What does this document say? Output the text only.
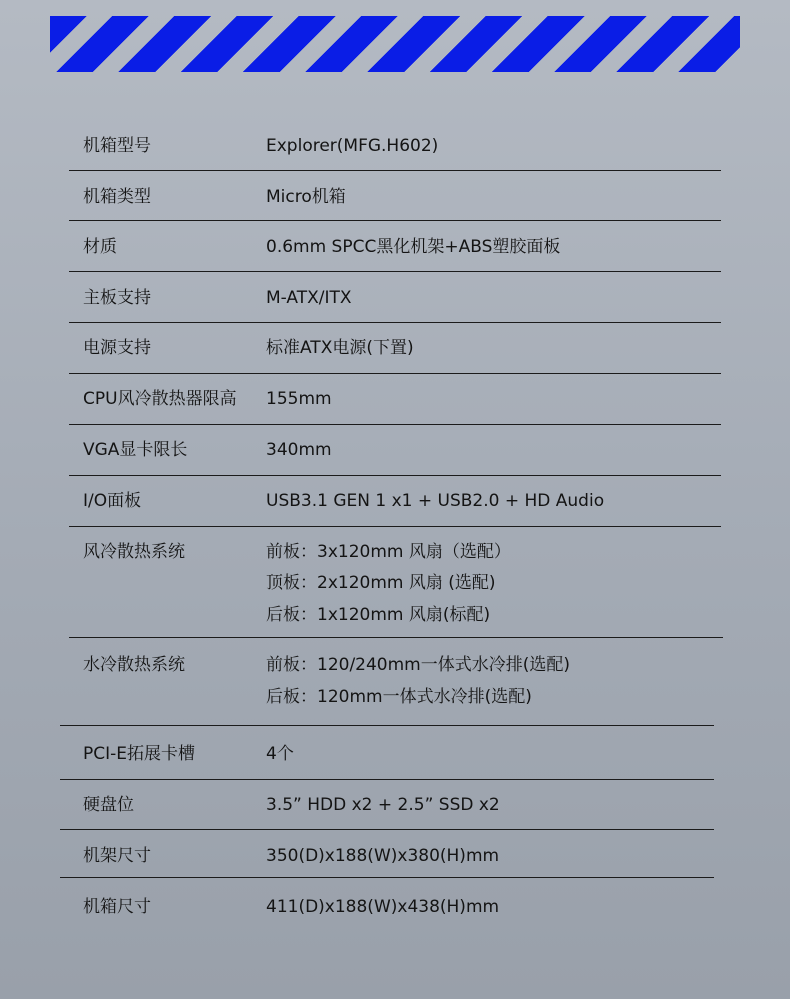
机箱型号	Explorer(MFG.H602)
机箱类型	Micro机箱
材质	0.6mm SPCC黑化机架+ABS塑胶面板
主板支持	M-ATX/ITX
电源支持	标准ATX电源(下置)
CPU风冷散热器限高 155mm
VGA显卡限长	340mm
I/O面板	USB3.1 GEN 1 x1 + USB2.0 + HD Audio
风冷散热系统	前板：3x120mm 风扇（选配）
顶板：2x120mm 风扇 (选配)
后板：1x120mm 风扇(标配)
水冷散热系统	前板：120/240mm一体式水冷排(选配)
后板：120mm一体式水冷排(选配)
PCI-E拓展卡槽	4个
硬盘位	3.5” HDD x2 + 2.5” SSD x2
机架尺寸	350(D)x188(W)x380(H)mm
机箱尺寸	411(D)x188(W)x438(H)mm
